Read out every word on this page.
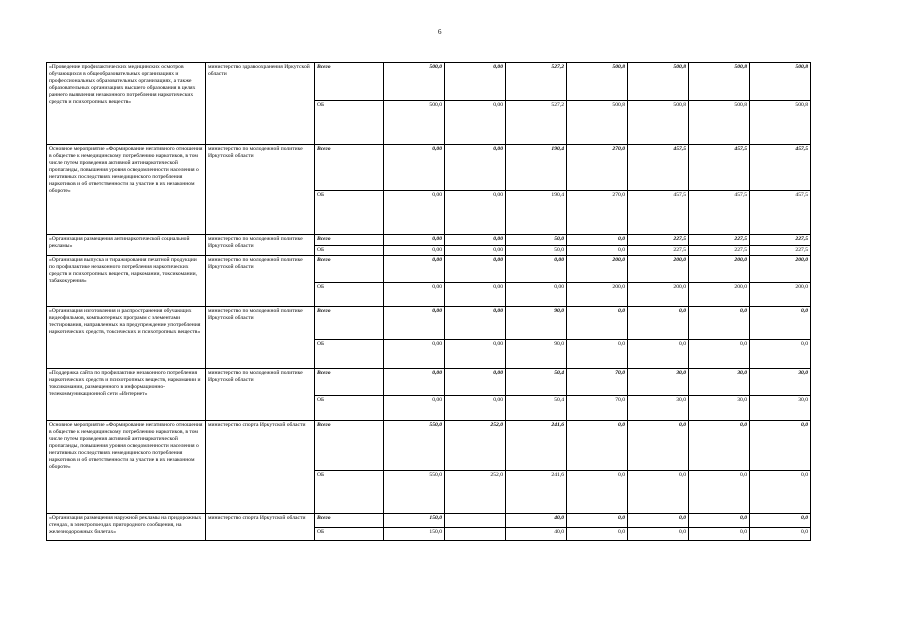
6
«Проведение профилактических медицинских осмотров обучающихся в общеобразовательных организациях и профессиональных образовательных организациях, а также образовательных организациях высшего образования в целях раннего выявления незаконного потребления наркотических средств и психотропных веществ»	министерство здравоохранения Иркутской области	Всего	500,0	0,00	527,2	500,8	500,8	500,8	500,8
		ОБ	500,0	0,00	527,2	500,8	500,8	500,8	500,8
Основное мероприятие «Формирование негативного отношения в обществе к немедицинскому потреблению наркотиков, в том числе путем проведения активной антинаркотической пропаганды, повышения уровня осведомленности населения о негативных последствиях немедицинского потребления наркотиков и об ответственности за участие в их незаконном обороте»	министерство по молодежной политике Иркутской области	Всего	0,00	0,00	190,4	270,0	457,5	457,5	457,5
		ОБ	0,00	0,00	190,4	270,0	457,5	457,5	457,5
«Организация размещения антинаркотической социальной рекламы»	министерство по молодежной политике Иркутской области	Всего	0,00	0,00	50,0	0,0	227,5	227,5	227,5
		ОБ	0,00	0,00	50,0	0,0	227,5	227,5	227,5
«Организация выпуска и тиражирования печатной продукции по профилактике незаконного потребления наркотических средств и психотропных веществ, наркомании, токсикомании, табакокурения»	министерство по молодежной политике Иркутской области	Всего	0,00	0,00	0,00	200,0	200,0	200,0	200,0
		ОБ	0,00	0,00	0,00	200,0	200,0	200,0	200,0
«Организация изготовления и распространения обучающих видеофильмов, компьютерных программ с элементами тестирования, направленных на предупреждение употребления наркотических средств, токсических и психотропных веществ»	министерство по молодежной политике Иркутской области	Всего	0,00	0,00	90,0	0,0	0,0	0,0	0,0
		ОБ	0,00	0,00	90,0	0,0	0,0	0,0	0,0
«Поддержка сайта по профилактике незаконного потребления наркотических средств и психотропных веществ, наркомании и токсикомании, размещенного в информационно-телекоммуникационной сети «Интернет»	министерство по молодежной политике Иркутской области	Всего	0,00	0,00	50,4	70,0	30,0	30,0	30,0
		ОБ	0,00	0,00	50,4	70,0	30,0	30,0	30,0
Основное мероприятие «Формирование негативного отношения в обществе к немедицинскому потреблению наркотиков, в том числе путем проведения активной антинаркотической пропаганды, повышения уровня осведомленности населения о негативных последствиях немедицинского потребления наркотиков и об ответственности за участие в их незаконном обороте»	министерство спорта Иркутской области	Всего	550,0	252,0	241,6	0,0	0,0	0,0	0,0
		ОБ	550,0	252,0	241,6	0,0	0,0	0,0	0,0
«Организация размещения наружной рекламы на придорожных стендах, в электропоездах пригородного сообщения, на железнодорожных билетах»	министерство спорта Иркутской области	Всего	150,0		40,0	0,0	0,0	0,0	0,0
		ОБ	150,0		40,0	0,0	0,0	0,0	0,0
